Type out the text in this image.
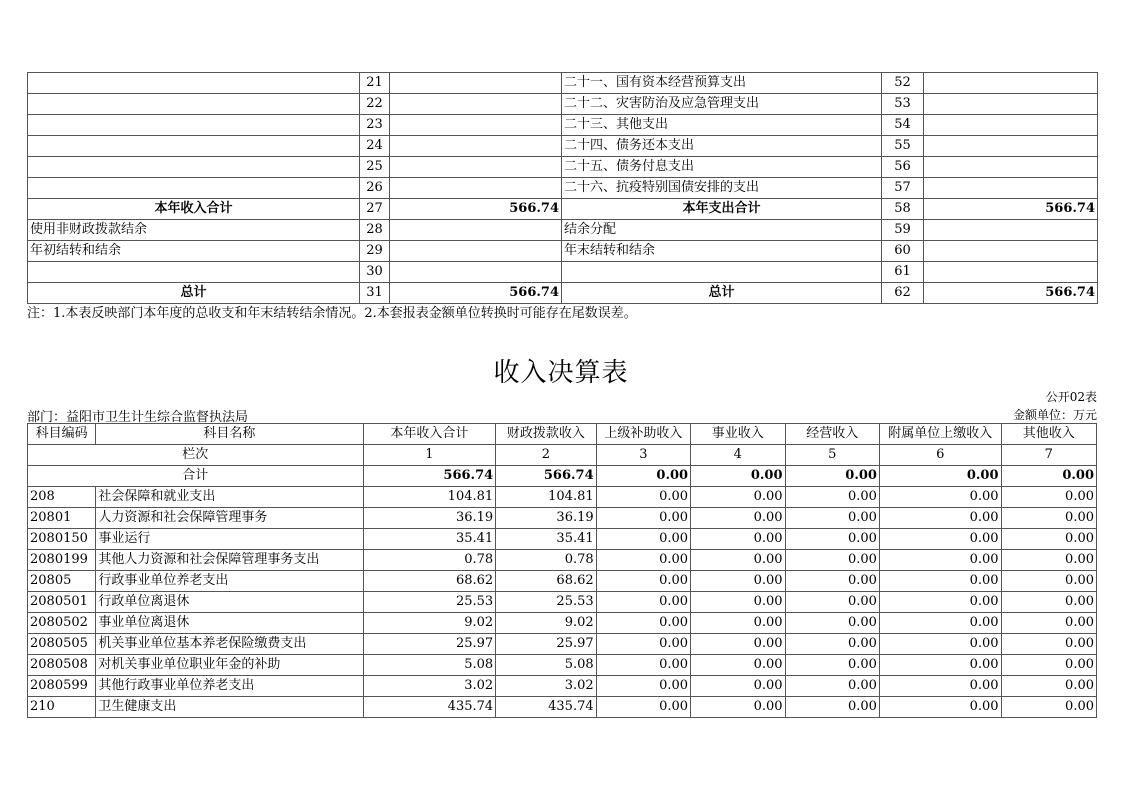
	21		二十一、国有资本经营预算支出	52	
	22		二十二、灾害防治及应急管理支出	53	
	23		二十三、其他支出	54	
	24		二十四、债务还本支出	55	
	25		二十五、债务付息支出	56	
	26		二十六、抗疫特别国债安排的支出	57	
本年收入合计	27	566.74	本年支出合计	58	566.74
使用非财政拨款结余	28		结余分配	59	
年初结转和结余	29		年末结转和结余	60	
	30			61	
总计	31	566.74	总计	62	566.74
注：1.本表反映部门本年度的总收支和年末结转结余情况。2.本套报表金额单位转换时可能存在尾数误差。
收入决算表
公开02表
部门：益阳市卫生计生综合监督执法局	金额单位：万元
科目编码	科目名称	本年收入合计	财政拨款收入	上级补助收入	事业收入	经营收入	附属单位上缴收入	其他收入
栏次		1	2	3	4	5	6	7
合计		566.74	566.74	0.00	0.00	0.00	0.00	0.00
208	社会保障和就业支出	104.81	104.81	0.00	0.00	0.00	0.00	0.00
20801	人力资源和社会保障管理事务	36.19	36.19	0.00	0.00	0.00	0.00	0.00
2080150	事业运行	35.41	35.41	0.00	0.00	0.00	0.00	0.00
2080199	其他人力资源和社会保障管理事务支出	0.78	0.78	0.00	0.00	0.00	0.00	0.00
20805	行政事业单位养老支出	68.62	68.62	0.00	0.00	0.00	0.00	0.00
2080501	行政单位离退休	25.53	25.53	0.00	0.00	0.00	0.00	0.00
2080502	事业单位离退休	9.02	9.02	0.00	0.00	0.00	0.00	0.00
2080505	机关事业单位基本养老保险缴费支出	25.97	25.97	0.00	0.00	0.00	0.00	0.00
2080508	对机关事业单位职业年金的补助	5.08	5.08	0.00	0.00	0.00	0.00	0.00
2080599	其他行政事业单位养老支出	3.02	3.02	0.00	0.00	0.00	0.00	0.00
210	卫生健康支出	435.74	435.74	0.00	0.00	0.00	0.00	0.00
